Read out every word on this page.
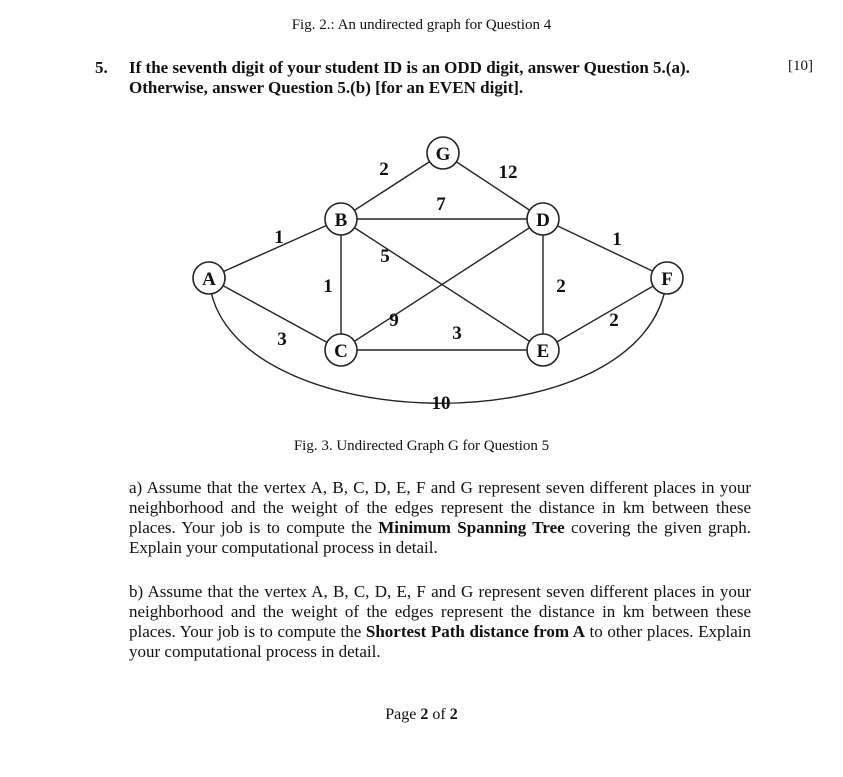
Fig. 2.: An undirected graph for Question 4
5. If the seventh digit of your student ID is an ODD digit, answer Question 5.(a).
Otherwise, answer Question 5.(b) [for an EVEN digit].
[10]
G
B	D
A	F
C	E
1
3
10
2
7
1
5
12
1
9
2
3
2
Fig. 3. Undirected Graph G for Question 5
a) Assume that the vertex A, B, C, D, E, F and G represent seven different places in your neighborhood and the weight of the edges represent the distance in km between these places. Your job is to compute the Minimum Spanning Tree covering the given graph. Explain your computational process in detail.
b) Assume that the vertex A, B, C, D, E, F and G represent seven different places in your neighborhood and the weight of the edges represent the distance in km between these places. Your job is to compute the Shortest Path distance from A to other places. Explain your computational process in detail.
Page 2 of 2
